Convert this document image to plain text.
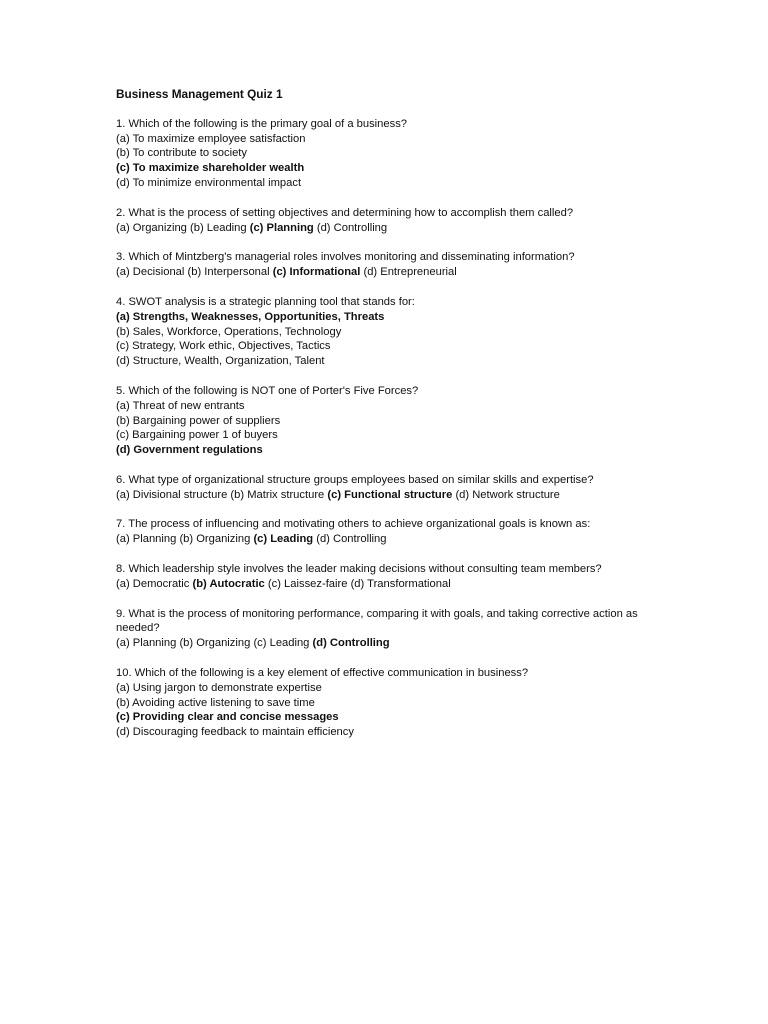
Business Management Quiz 1
1. Which of the following is the primary goal of a business?
(a) To maximize employee satisfaction
(b) To contribute to society
(c) To maximize shareholder wealth
(d) To minimize environmental impact
2. What is the process of setting objectives and determining how to accomplish them called?
(a) Organizing (b) Leading (c) Planning (d) Controlling
3. Which of Mintzberg's managerial roles involves monitoring and disseminating information?
(a) Decisional (b) Interpersonal (c) Informational (d) Entrepreneurial
4. SWOT analysis is a strategic planning tool that stands for:
(a) Strengths, Weaknesses, Opportunities, Threats
(b) Sales, Workforce, Operations, Technology
(c) Strategy, Work ethic, Objectives, Tactics
(d) Structure, Wealth, Organization, Talent
5. Which of the following is NOT one of Porter's Five Forces?
(a) Threat of new entrants
(b) Bargaining power of suppliers
(c) Bargaining power 1 of buyers
(d) Government regulations
6. What type of organizational structure groups employees based on similar skills and expertise?
(a) Divisional structure (b) Matrix structure (c) Functional structure (d) Network structure
7. The process of influencing and motivating others to achieve organizational goals is known as:
(a) Planning (b) Organizing (c) Leading (d) Controlling
8. Which leadership style involves the leader making decisions without consulting team members?
(a) Democratic (b) Autocratic (c) Laissez-faire (d) Transformational
9. What is the process of monitoring performance, comparing it with goals, and taking corrective action as needed?
(a) Planning (b) Organizing (c) Leading (d) Controlling
10. Which of the following is a key element of effective communication in business?
(a) Using jargon to demonstrate expertise
(b) Avoiding active listening to save time
(c) Providing clear and concise messages
(d) Discouraging feedback to maintain efficiency
